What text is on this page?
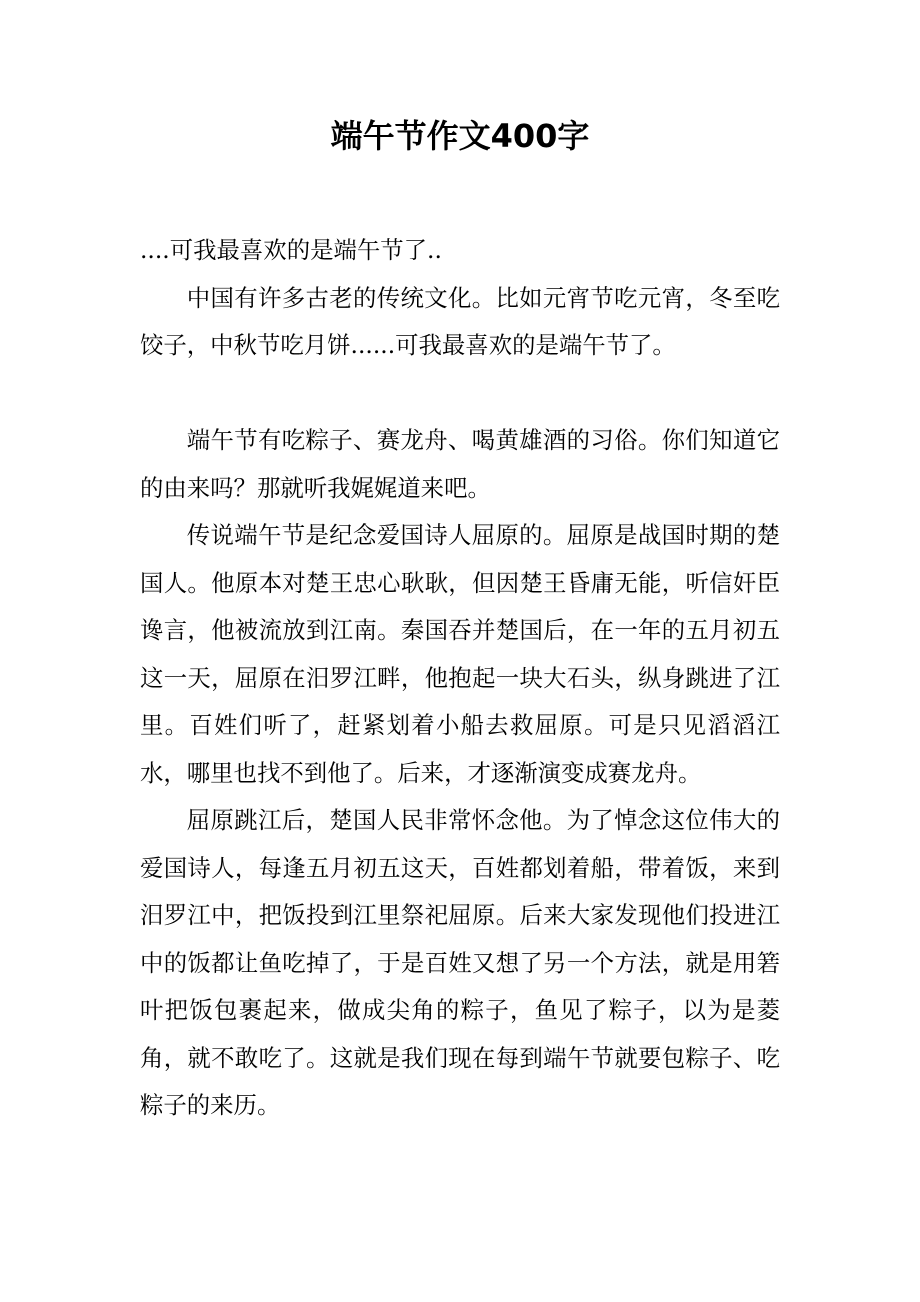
端午节作文400字

....可我最喜欢的是端午节了..

中国有许多古老的传统文化。比如元宵节吃元宵，冬至吃饺子，中秋节吃月饼......可我最喜欢的是端午节了。

端午节有吃粽子、赛龙舟、喝黄雄酒的习俗。你们知道它的由来吗？那就听我娓娓道来吧。

传说端午节是纪念爱国诗人屈原的。屈原是战国时期的楚国人。他原本对楚王忠心耿耿，但因楚王昏庸无能，听信奸臣谗言，他被流放到江南。秦国吞并楚国后，在一年的五月初五这一天，屈原在汨罗江畔，他抱起一块大石头，纵身跳进了江里。百姓们听了，赶紧划着小船去救屈原。可是只见滔滔江水，哪里也找不到他了。后来，才逐渐演变成赛龙舟。

屈原跳江后，楚国人民非常怀念他。为了悼念这位伟大的爱国诗人，每逢五月初五这天，百姓都划着船，带着饭，来到汨罗江中，把饭投到江里祭祀屈原。后来大家发现他们投进江中的饭都让鱼吃掉了，于是百姓又想了另一个方法，就是用箬叶把饭包裹起来，做成尖角的粽子，鱼见了粽子，以为是菱角，就不敢吃了。这就是我们现在每到端午节就要包粽子、吃粽子的来历。
